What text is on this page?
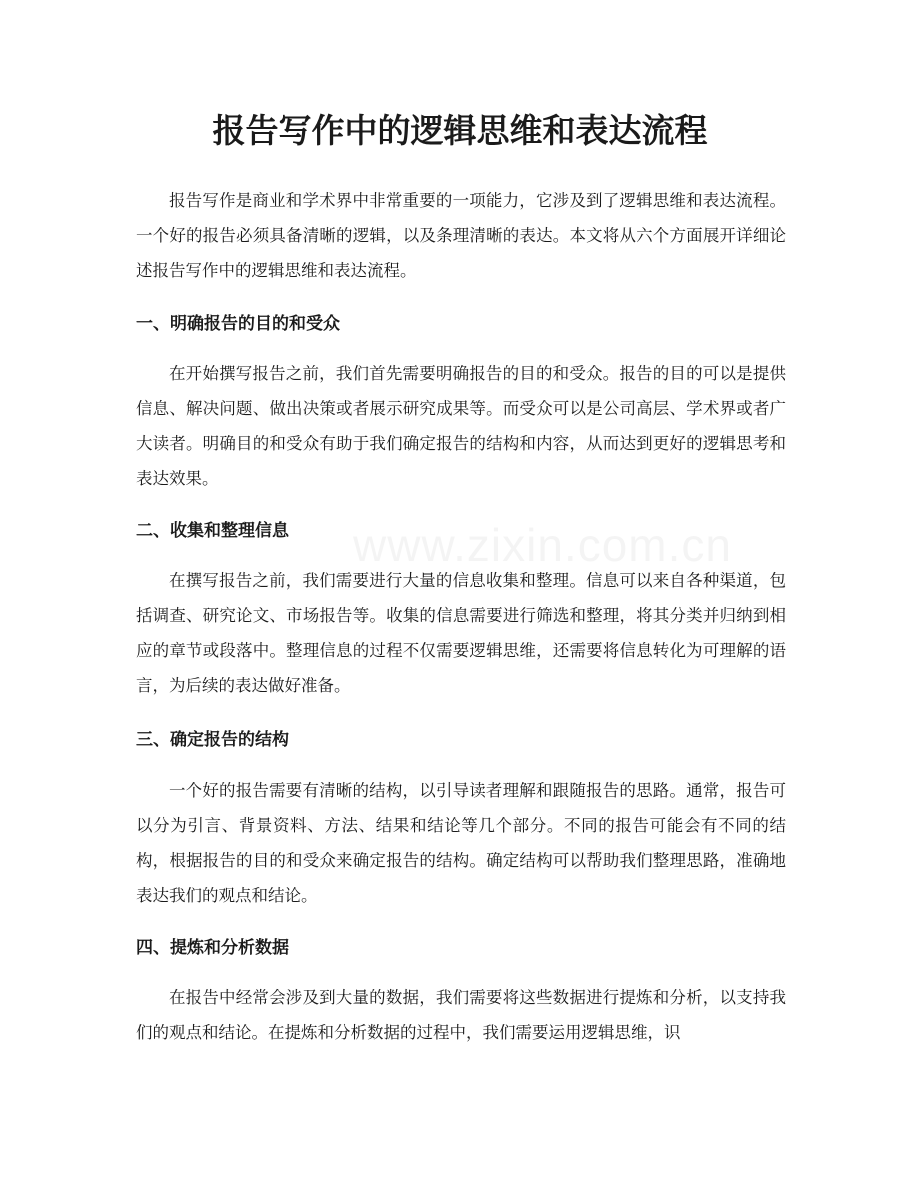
报告写作中的逻辑思维和表达流程

报告写作是商业和学术界中非常重要的一项能力，它涉及到了逻辑思维和表达流程。一个好的报告必须具备清晰的逻辑，以及条理清晰的表达。本文将从六个方面展开详细论述报告写作中的逻辑思维和表达流程。

一、明确报告的目的和受众

在开始撰写报告之前，我们首先需要明确报告的目的和受众。报告的目的可以是提供信息、解决问题、做出决策或者展示研究成果等。而受众可以是公司高层、学术界或者广大读者。明确目的和受众有助于我们确定报告的结构和内容，从而达到更好的逻辑思考和表达效果。

二、收集和整理信息

在撰写报告之前，我们需要进行大量的信息收集和整理。信息可以来自各种渠道，包括调查、研究论文、市场报告等。收集的信息需要进行筛选和整理，将其分类并归纳到相应的章节或段落中。整理信息的过程不仅需要逻辑思维，还需要将信息转化为可理解的语言，为后续的表达做好准备。

三、确定报告的结构

一个好的报告需要有清晰的结构，以引导读者理解和跟随报告的思路。通常，报告可以分为引言、背景资料、方法、结果和结论等几个部分。不同的报告可能会有不同的结构，根据报告的目的和受众来确定报告的结构。确定结构可以帮助我们整理思路，准确地表达我们的观点和结论。

四、提炼和分析数据

在报告中经常会涉及到大量的数据，我们需要将这些数据进行提炼和分析，以支持我们的观点和结论。在提炼和分析数据的过程中，我们需要运用逻辑思维，识
